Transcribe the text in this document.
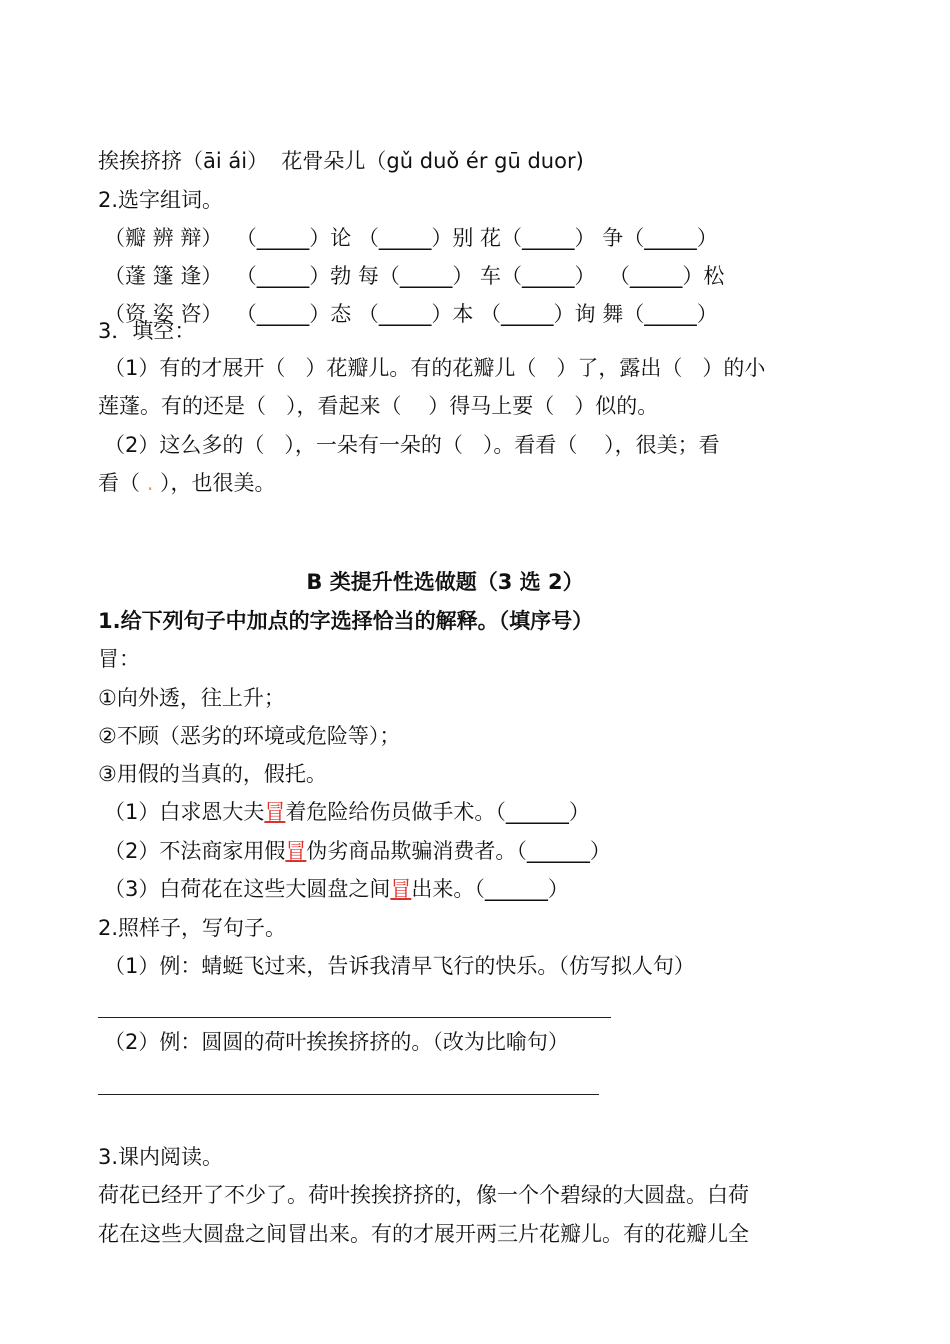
挨挨挤挤（āi ái）  花骨朵儿（gǔ duǒ ér gū duor)
2.选字组词。
（瓣 辨 辩）  （_____）论 （_____）别 花（_____） 争（_____）
（蓬 篷 逢）  （_____）勃 每（_____） 车（_____）  （_____）松
（资 姿 咨）  （_____）态 （_____）本 （_____）询 舞（_____）
3．填空：
（1）有的才展开（   ）花瓣儿。有的花瓣儿（   ）了，露出（   ）的小
莲蓬。有的还是（   ），看起来（    ）得马上要（   ）似的。
（2）这么多的（   ），一朵有一朵的（   ）。看看（    ），很美；看
看（ . ），也很美。
B 类提升性选做题（3 选 2）
1.给下列句子中加点的字选择恰当的解释。（填序号）
冒：
①向外透，往上升；
②不顾（恶劣的环境或危险等）；
③用假的当真的，假托。
（1）白求恩大夫冒着危险给伤员做手术。（______）
（2）不法商家用假冒伪劣商品欺骗消费者。（______）
（3）白荷花在这些大圆盘之间冒出来。（______）
2.照样子，写句子。
（1）例：蜻蜓飞过来，告诉我清早飞行的快乐。（仿写拟人句）
（2）例：圆圆的荷叶挨挨挤挤的。（改为比喻句）
3.课内阅读。
荷花已经开了不少了。荷叶挨挨挤挤的，像一个个碧绿的大圆盘。白荷
花在这些大圆盘之间冒出来。有的才展开两三片花瓣儿。有的花瓣儿全
